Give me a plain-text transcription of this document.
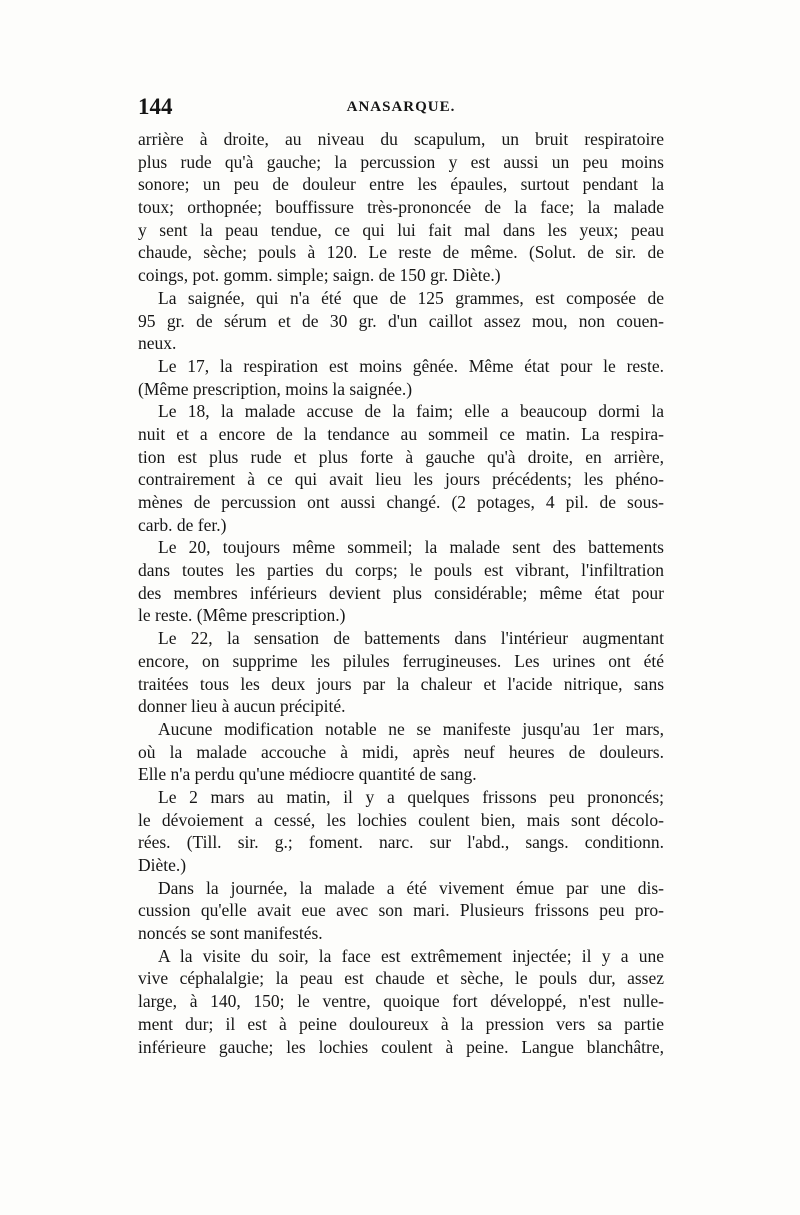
144	ANASARQUE.
arrière à droite, au niveau du scapulum, un bruit respiratoire
plus rude qu'à gauche; la percussion y est aussi un peu moins
sonore; un peu de douleur entre les épaules, surtout pendant la
toux; orthopnée; bouffissure très-prononcée de la face; la malade
y sent la peau tendue, ce qui lui fait mal dans les yeux; peau
chaude, sèche; pouls à 120. Le reste de même. (Solut. de sir. de
coings, pot. gomm. simple; saign. de 150 gr. Diète.)
La saignée, qui n'a été que de 125 grammes, est composée de
95 gr. de sérum et de 30 gr. d'un caillot assez mou, non couen-
neux.
Le 17, la respiration est moins gênée. Même état pour le reste.
(Même prescription, moins la saignée.)
Le 18, la malade accuse de la faim; elle a beaucoup dormi la
nuit et a encore de la tendance au sommeil ce matin. La respira-
tion est plus rude et plus forte à gauche qu'à droite, en arrière,
contrairement à ce qui avait lieu les jours précédents; les phéno-
mènes de percussion ont aussi changé. (2 potages, 4 pil. de sous-
carb. de fer.)
Le 20, toujours même sommeil; la malade sent des battements
dans toutes les parties du corps; le pouls est vibrant, l'infiltration
des membres inférieurs devient plus considérable; même état pour
le reste. (Même prescription.)
Le 22, la sensation de battements dans l'intérieur augmentant
encore, on supprime les pilules ferrugineuses. Les urines ont été
traitées tous les deux jours par la chaleur et l'acide nitrique, sans
donner lieu à aucun précipité.
Aucune modification notable ne se manifeste jusqu'au 1er mars,
où la malade accouche à midi, après neuf heures de douleurs.
Elle n'a perdu qu'une médiocre quantité de sang.
Le 2 mars au matin, il y a quelques frissons peu prononcés;
le dévoiement a cessé, les lochies coulent bien, mais sont décolo-
rées. (Till. sir. g.; foment. narc. sur l'abd., sangs. conditionn.
Diète.)
Dans la journée, la malade a été vivement émue par une dis-
cussion qu'elle avait eue avec son mari. Plusieurs frissons peu pro-
noncés se sont manifestés.
A la visite du soir, la face est extrêmement injectée; il y a une
vive céphalalgie; la peau est chaude et sèche, le pouls dur, assez
large, à 140, 150; le ventre, quoique fort développé, n'est nulle-
ment dur; il est à peine douloureux à la pression vers sa partie
inférieure gauche; les lochies coulent à peine. Langue blanchâtre,
